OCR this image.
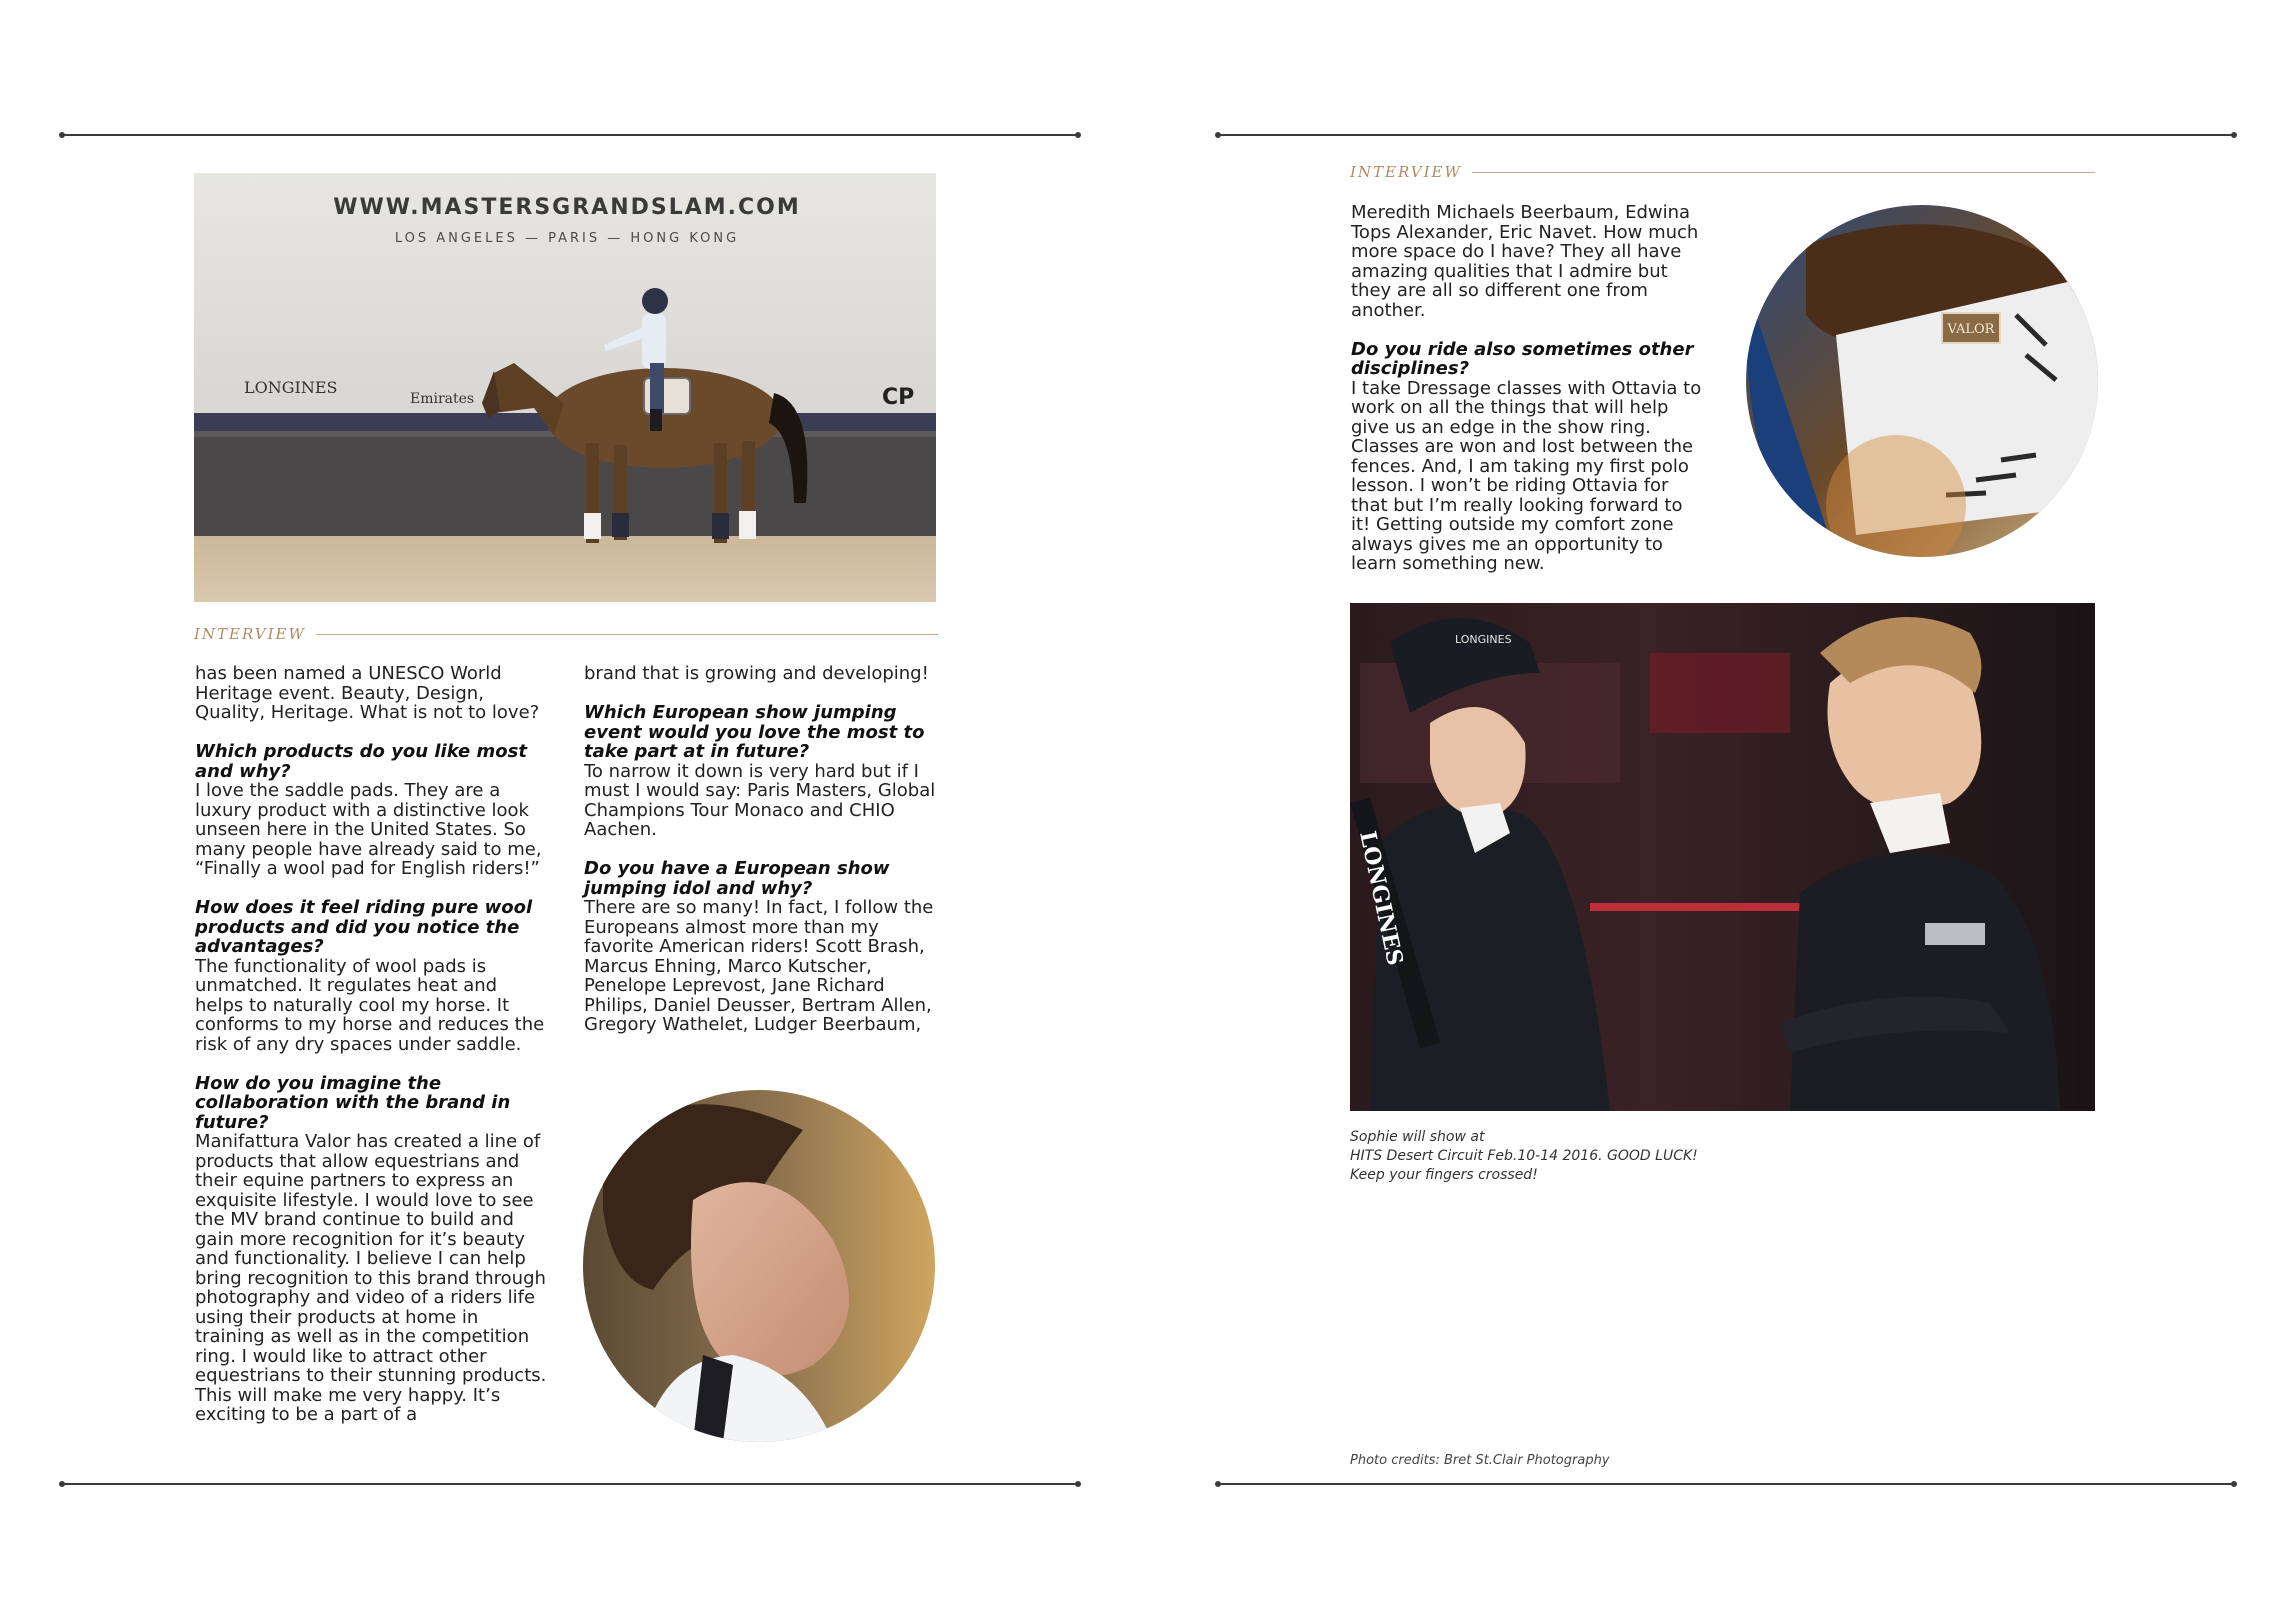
WWW.MASTERSGRANDSLAM.COM
LOS ANGELES — PARIS — HONG KONG
LONGINES
Emirates	CP
INTERVIEW

has been named a UNESCO World Heritage event. Beauty, Design, Quality, Heritage. What is not to love?

Which products do you like most and why?
I love the saddle pads. They are a luxury product with a distinctive look unseen here in the United States. So many people have already said to me, “Finally a wool pad for English riders!”

How does it feel riding pure wool products and did you notice the advantages?
The functionality of wool pads is unmatched. It regulates heat and helps to naturally cool my horse. It conforms to my horse and reduces the risk of any dry spaces under saddle.

How do you imagine the collaboration with the brand in future?
Manifattura Valor has created a line of products that allow equestrians and their equine partners to express an exquisite lifestyle. I would love to see the MV brand continue to build and gain more recognition for it’s beauty and functionality. I believe I can help bring recognition to this brand through photography and video of a riders life using their products at home in training as well as in the competition ring. I would like to attract other equestrians to their stunning products. This will make me very happy. It’s exciting to be a part of a

brand that is growing and developing!

Which European show jumping event would you love the most to take part at in future?
To narrow it down is very hard but if I must I would say: Paris Masters, Global Champions Tour Monaco and CHIO Aachen.

Do you have a European show jumping idol and why?
There are so many! In fact, I follow the Europeans almost more than my favorite American riders! Scott Brash, Marcus Ehning, Marco Kutscher, Penelope Leprevost, Jane Richard Philips, Daniel Deusser, Bertram Allen, Gregory Wathelet, Ludger Beerbaum,

INTERVIEW

Meredith Michaels Beerbaum, Edwina Tops Alexander, Eric Navet. How much more space do I have? They all have amazing qualities that I admire but they are all so different one from another.

Do you ride also sometimes other disciplines?
I take Dressage classes with Ottavia to work on all the things that will help give us an edge in the show ring. Classes are won and lost between the fences. And, I am taking my first polo lesson. I won’t be riding Ottavia for that but I’m really looking forward to it! Getting outside my comfort zone always gives me an opportunity to learn something new.

VALOR
LONGINES
LONGINES
Sophie will show at
HITS Desert Circuit Feb.10-14 2016. GOOD LUCK!
Keep your fingers crossed!
Photo credits: Bret St.Clair Photography
